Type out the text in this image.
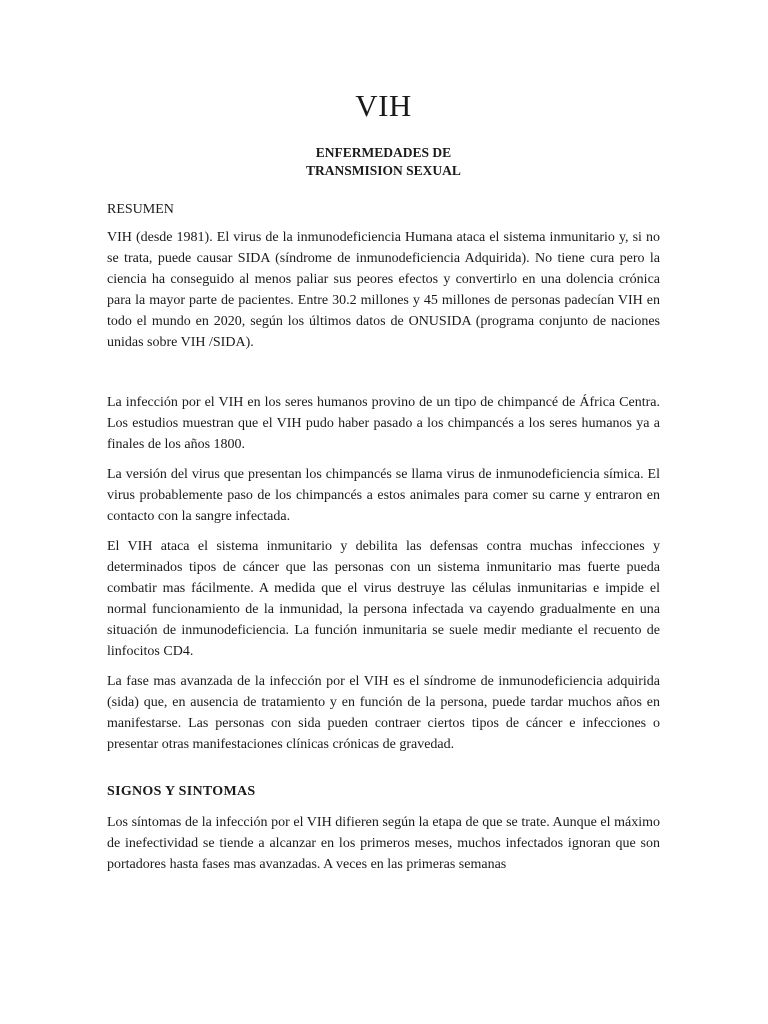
VIH
ENFERMEDADES DE
TRANSMISION SEXUAL
RESUMEN

VIH (desde 1981). El virus de la inmunodeficiencia Humana ataca el sistema inmunitario y, si no se trata, puede causar SIDA (síndrome de inmunodeficiencia Adquirida). No tiene cura pero la ciencia ha conseguido al menos paliar sus peores efectos y convertirlo en una dolencia crónica para la mayor parte de pacientes. Entre 30.2 millones y 45 millones de personas padecían VIH en todo el mundo en 2020, según los últimos datos de ONUSIDA (programa conjunto de naciones unidas sobre VIH /SIDA).

La infección por el VIH en los seres humanos provino de un tipo de chimpancé de África Centra. Los estudios muestran que el VIH pudo haber pasado a los chimpancés a los seres humanos ya a finales de los años 1800.

La versión del virus que presentan los chimpancés se llama virus de inmunodeficiencia símica. El virus probablemente paso de los chimpancés a estos animales para comer su carne y entraron en contacto con la sangre infectada.

El VIH ataca el sistema inmunitario y debilita las defensas contra muchas infecciones y determinados tipos de cáncer que las personas con un sistema inmunitario mas fuerte pueda combatir mas fácilmente. A medida que el virus destruye las células inmunitarias e impide el normal funcionamiento de la inmunidad, la persona infectada va cayendo gradualmente en una situación de inmunodeficiencia. La función inmunitaria se suele medir mediante el recuento de linfocitos CD4.

La fase mas avanzada de la infección por el VIH es el síndrome de inmunodeficiencia adquirida (sida) que, en ausencia de tratamiento y en función de la persona, puede tardar muchos años en manifestarse. Las personas con sida pueden contraer ciertos tipos de cáncer e infecciones o presentar otras manifestaciones clínicas crónicas de gravedad.

SIGNOS Y SINTOMAS

Los síntomas de la infección por el VIH difieren según la etapa de que se trate. Aunque el máximo de inefectividad se tiende a alcanzar en los primeros meses, muchos infectados ignoran que son portadores hasta fases mas avanzadas. A veces en las primeras semanas
